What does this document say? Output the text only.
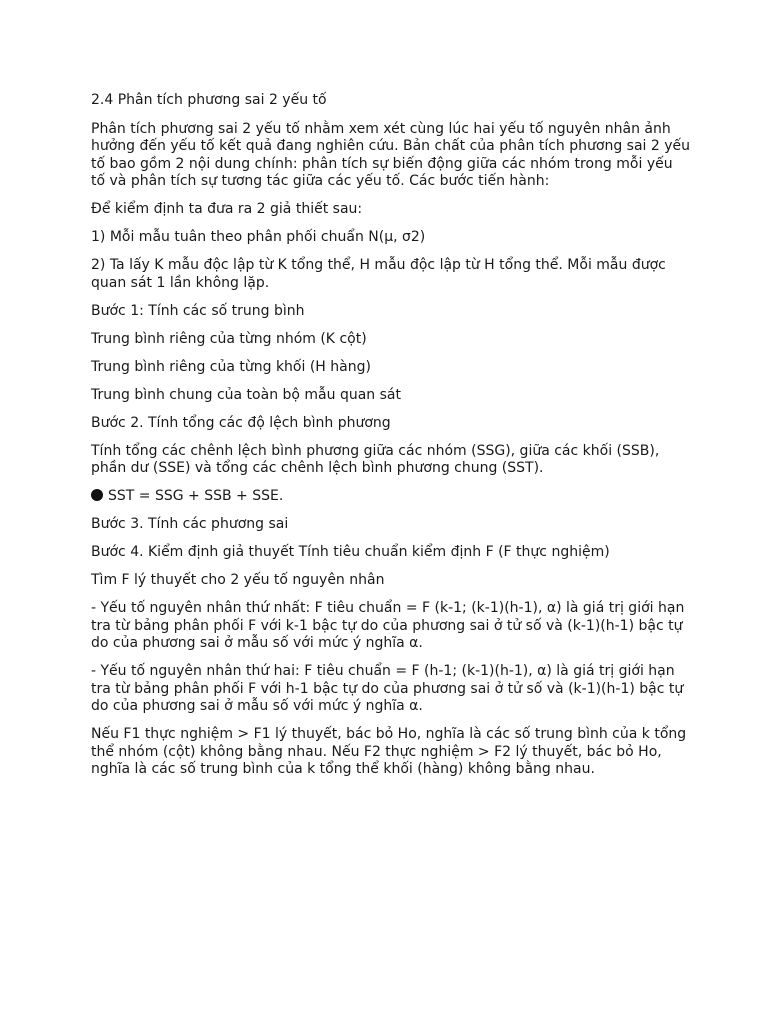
2.4 Phân tích phương sai 2 yếu tố

Phân tích phương sai 2 yếu tố nhằm xem xét cùng lúc hai yếu tố nguyên nhân ảnh hưởng đến yếu tố kết quả đang nghiên cứu. Bản chất của phân tích phương sai 2 yếu tố bao gồm 2 nội dung chính: phân tích sự biến động giữa các nhóm trong mỗi yếu tố và phân tích sự tương tác giữa các yếu tố. Các bước tiến hành:

Để kiểm định ta đưa ra 2 giả thiết sau:

1) Mỗi mẫu tuân theo phân phối chuẩn N(μ, σ2)

2) Ta lấy K mẫu độc lập từ K tổng thể, H mẫu độc lập từ H tổng thể. Mỗi mẫu được quan sát 1 lần không lặp.

Bước 1: Tính các số trung bình

Trung bình riêng của từng nhóm (K cột)

Trung bình riêng của từng khối (H hàng)

Trung bình chung của toàn bộ mẫu quan sát

Bước 2. Tính tổng các độ lệch bình phương

Tính tổng các chênh lệch bình phương giữa các nhóm (SSG), giữa các khối (SSB), phần dư (SSE) và tổng các chênh lệch bình phương chung (SST).

SST = SSG + SSB + SSE.

Bước 3. Tính các phương sai

Bước 4. Kiểm định giả thuyết Tính tiêu chuẩn kiểm định F (F thực nghiệm)

Tìm F lý thuyết cho 2 yếu tố nguyên nhân

- Yếu tố nguyên nhân thứ nhất: F tiêu chuẩn = F (k-1; (k-1)(h-1), α) là giá trị giới hạn tra từ bảng phân phối F với k-1 bậc tự do của phương sai ở tử số và (k-1)(h-1) bậc tự do của phương sai ở mẫu số với mức ý nghĩa α.

- Yếu tố nguyên nhân thứ hai: F tiêu chuẩn = F (h-1; (k-1)(h-1), α) là giá trị giới hạn tra từ bảng phân phối F với h-1 bậc tự do của phương sai ở tử số và (k-1)(h-1) bậc tự do của phương sai ở mẫu số với mức ý nghĩa α.

Nếu F1 thực nghiệm > F1 lý thuyết, bác bỏ Ho, nghĩa là các số trung bình của k tổng thể nhóm (cột) không bằng nhau. Nếu F2 thực nghiệm > F2 lý thuyết, bác bỏ Ho, nghĩa là các số trung bình của k tổng thể khối (hàng) không bằng nhau.
